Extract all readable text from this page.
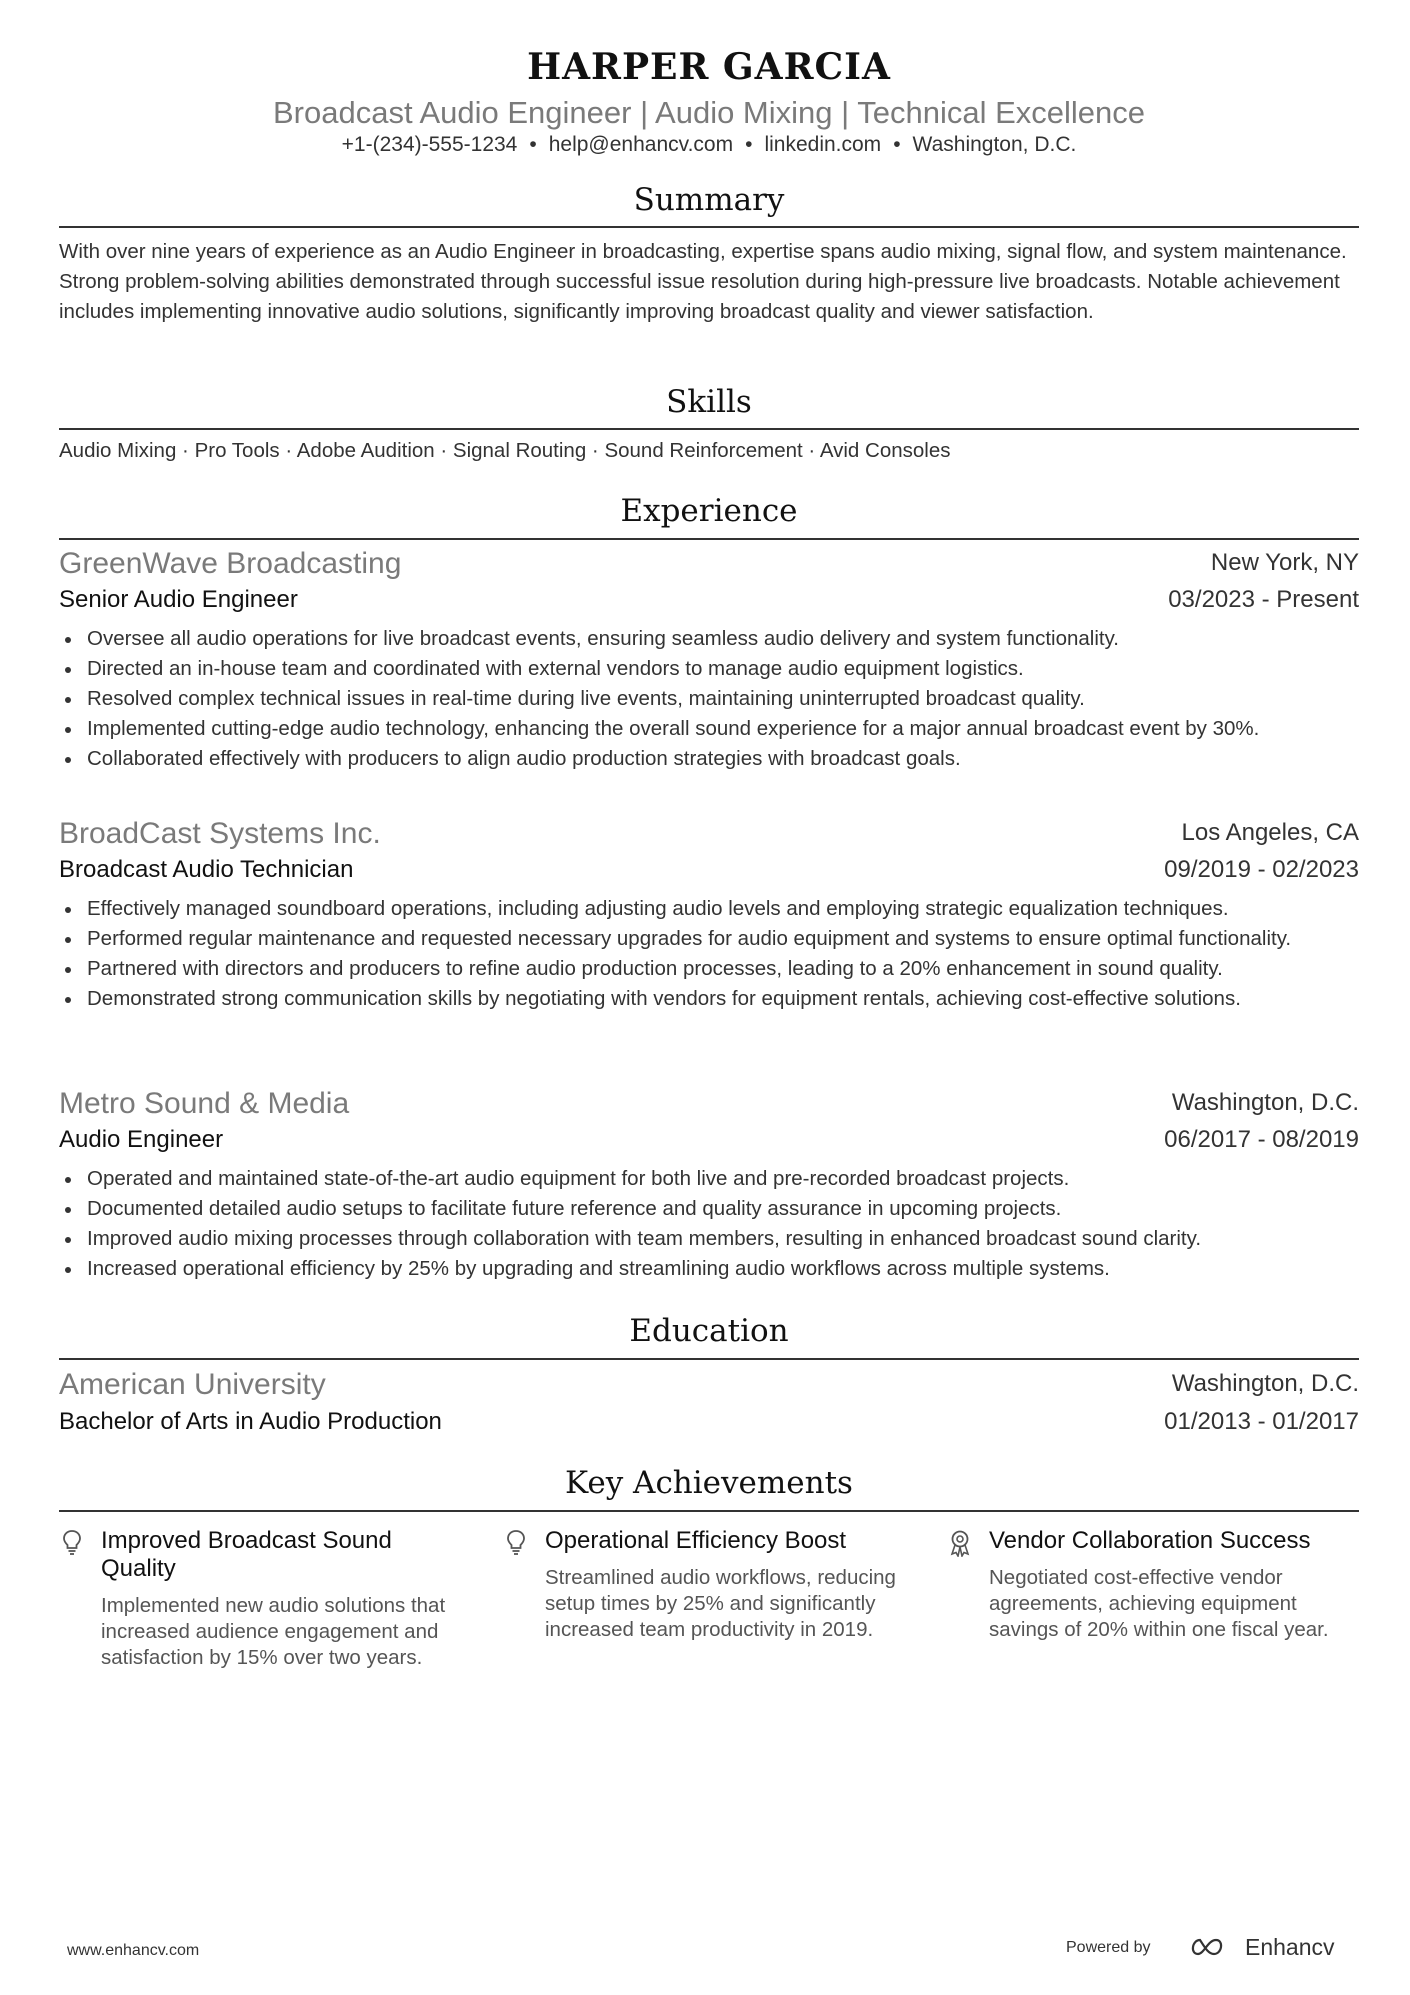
HARPER GARCIA
Broadcast Audio Engineer | Audio Mixing | Technical Excellence
+1-(234)-555-1234 • help@enhancv.com • linkedin.com • Washington, D.C.
Summary
With over nine years of experience as an Audio Engineer in broadcasting, expertise spans audio mixing, signal flow, and system maintenance. Strong problem-solving abilities demonstrated through successful issue resolution during high-pressure live broadcasts. Notable achievement includes implementing innovative audio solutions, significantly improving broadcast quality and viewer satisfaction.
Skills
Audio Mixing · Pro Tools · Adobe Audition · Signal Routing · Sound Reinforcement · Avid Consoles
Experience
GreenWave Broadcasting	New York, NY
Senior Audio Engineer	03/2023 - Present
Oversee all audio operations for live broadcast events, ensuring seamless audio delivery and system functionality.
Directed an in-house team and coordinated with external vendors to manage audio equipment logistics.
Resolved complex technical issues in real-time during live events, maintaining uninterrupted broadcast quality.
Implemented cutting-edge audio technology, enhancing the overall sound experience for a major annual broadcast event by 30%.
Collaborated effectively with producers to align audio production strategies with broadcast goals.
BroadCast Systems Inc.	Los Angeles, CA
Broadcast Audio Technician	09/2019 - 02/2023
Effectively managed soundboard operations, including adjusting audio levels and employing strategic equalization techniques.
Performed regular maintenance and requested necessary upgrades for audio equipment and systems to ensure optimal functionality.
Partnered with directors and producers to refine audio production processes, leading to a 20% enhancement in sound quality.
Demonstrated strong communication skills by negotiating with vendors for equipment rentals, achieving cost-effective solutions.
Metro Sound & Media	Washington, D.C.
Audio Engineer	06/2017 - 08/2019
Operated and maintained state-of-the-art audio equipment for both live and pre-recorded broadcast projects.
Documented detailed audio setups to facilitate future reference and quality assurance in upcoming projects.
Improved audio mixing processes through collaboration with team members, resulting in enhanced broadcast sound clarity.
Increased operational efficiency by 25% by upgrading and streamlining audio workflows across multiple systems.
Education
American University	Washington, D.C.
Bachelor of Arts in Audio Production	01/2013 - 01/2017
Key Achievements
Improved Broadcast Sound Quality
Implemented new audio solutions that increased audience engagement and satisfaction by 15% over two years.
Operational Efficiency Boost
Streamlined audio workflows, reducing setup times by 25% and significantly increased team productivity in 2019.
Vendor Collaboration Success
Negotiated cost-effective vendor agreements, achieving equipment savings of 20% within one fiscal year.
www.enhancv.com	Powered by	Enhancv
